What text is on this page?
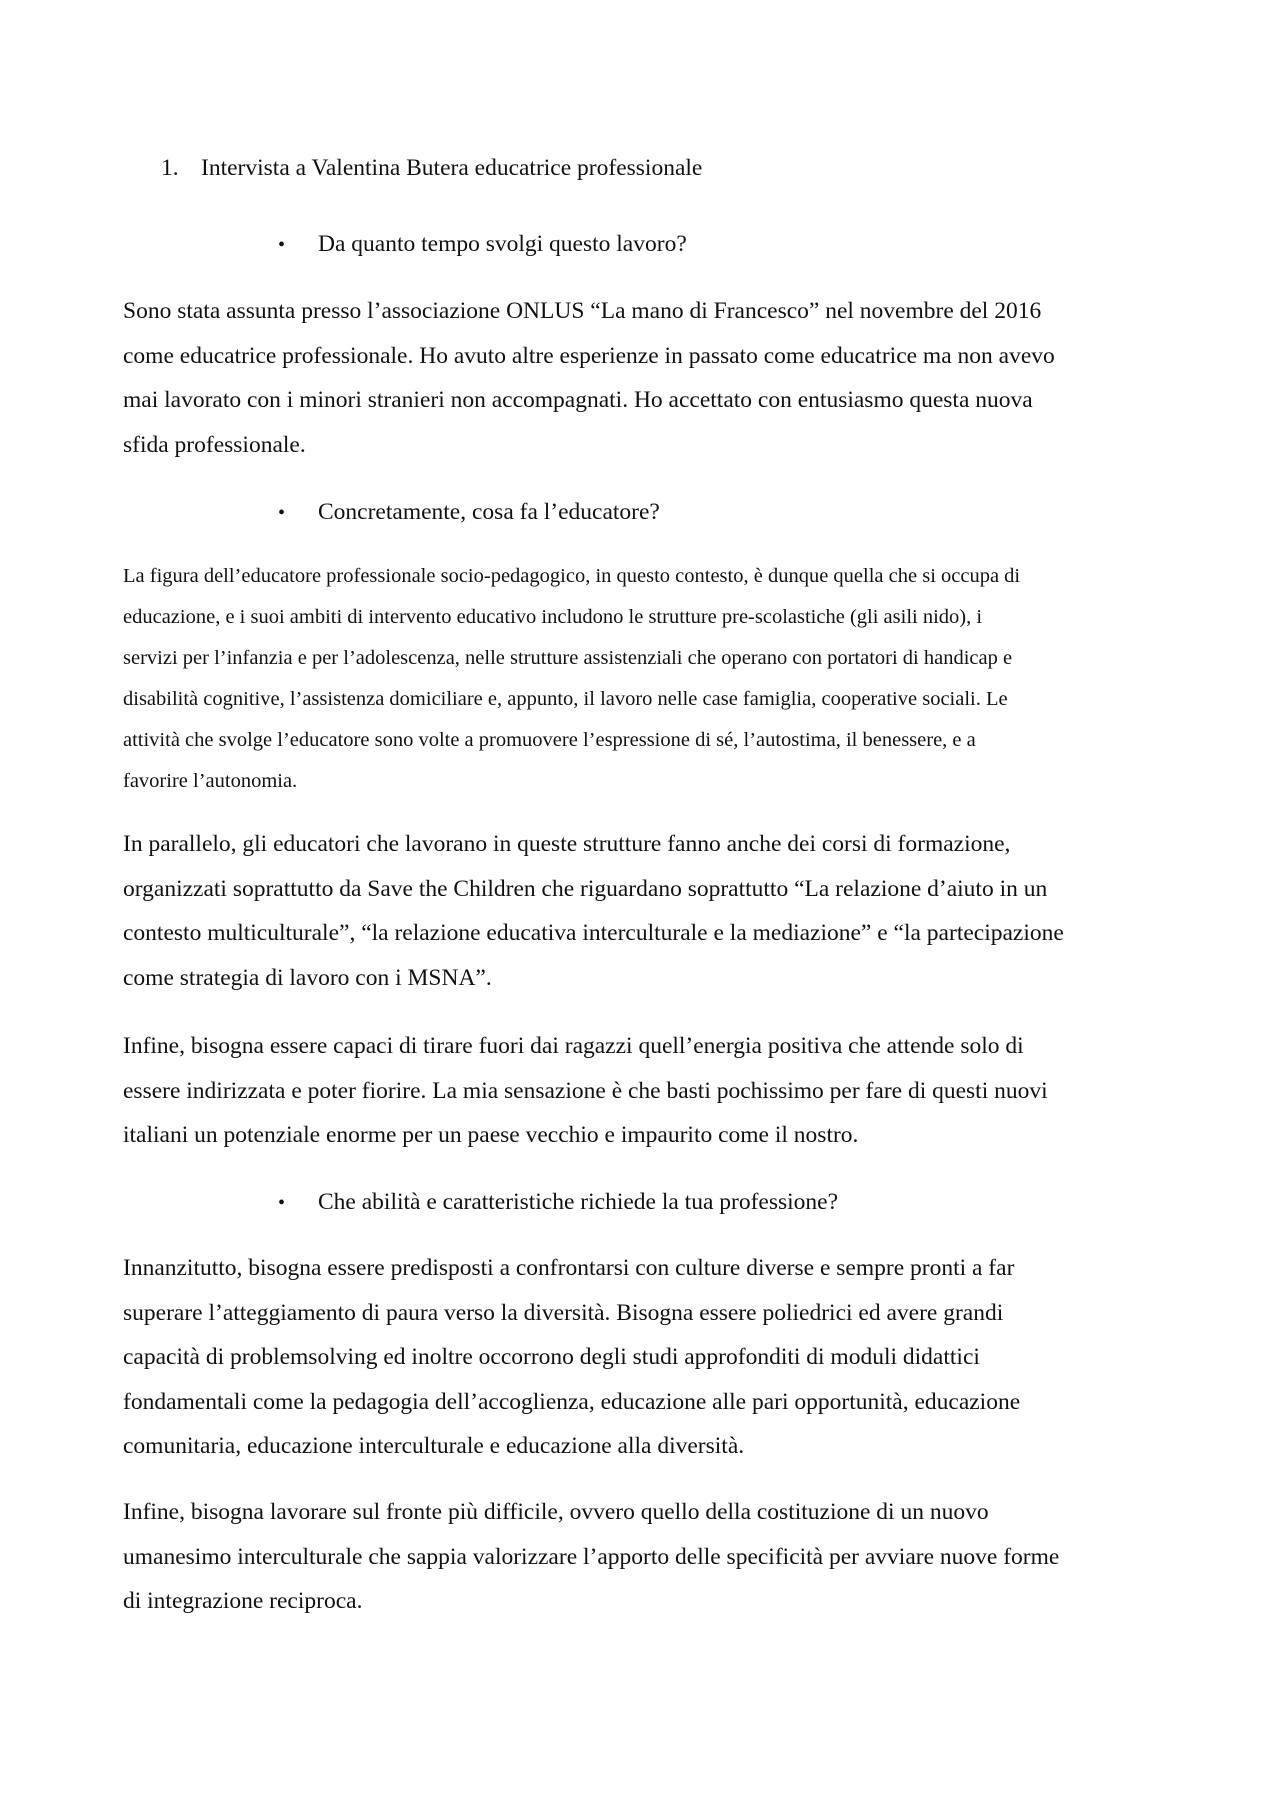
1. Intervista a Valentina Butera educatrice professionale
• Da quanto tempo svolgi questo lavoro?

Sono stata assunta presso l’associazione ONLUS “La mano di Francesco” nel novembre del 2016
come educatrice professionale. Ho avuto altre esperienze in passato come educatrice ma non avevo
mai lavorato con i minori stranieri non accompagnati. Ho accettato con entusiasmo questa nuova
sfida professionale.

• Concretamente, cosa fa l’educatore?

La figura dell’educatore professionale socio-pedagogico, in questo contesto, è dunque quella che si occupa di
educazione, e i suoi ambiti di intervento educativo includono le strutture pre-scolastiche (gli asili nido), i
servizi per l’infanzia e per l’adolescenza, nelle strutture assistenziali che operano con portatori di handicap e
disabilità cognitive, l’assistenza domiciliare e, appunto, il lavoro nelle case famiglia, cooperative sociali. Le
attività che svolge l’educatore sono volte a promuovere l’espressione di sé, l’autostima, il benessere, e a
favorire l’autonomia.

In parallelo, gli educatori che lavorano in queste strutture fanno anche dei corsi di formazione,
organizzati soprattutto da Save the Children che riguardano soprattutto “La relazione d’aiuto in un
contesto multiculturale”, “la relazione educativa interculturale e la mediazione” e “la partecipazione
come strategia di lavoro con i MSNA”.

Infine, bisogna essere capaci di tirare fuori dai ragazzi quell’energia positiva che attende solo di
essere indirizzata e poter fiorire. La mia sensazione è che basti pochissimo per fare di questi nuovi
italiani un potenziale enorme per un paese vecchio e impaurito come il nostro.

• Che abilità e caratteristiche richiede la tua professione?

Innanzitutto, bisogna essere predisposti a confrontarsi con culture diverse e sempre pronti a far
superare l’atteggiamento di paura verso la diversità. Bisogna essere poliedrici ed avere grandi
capacità di problemsolving ed inoltre occorrono degli studi approfonditi di moduli didattici
fondamentali come la pedagogia dell’accoglienza, educazione alle pari opportunità, educazione
comunitaria, educazione interculturale e educazione alla diversità.

Infine, bisogna lavorare sul fronte più difficile, ovvero quello della costituzione di un nuovo
umanesimo interculturale che sappia valorizzare l’apporto delle specificità per avviare nuove forme
di integrazione reciproca.
